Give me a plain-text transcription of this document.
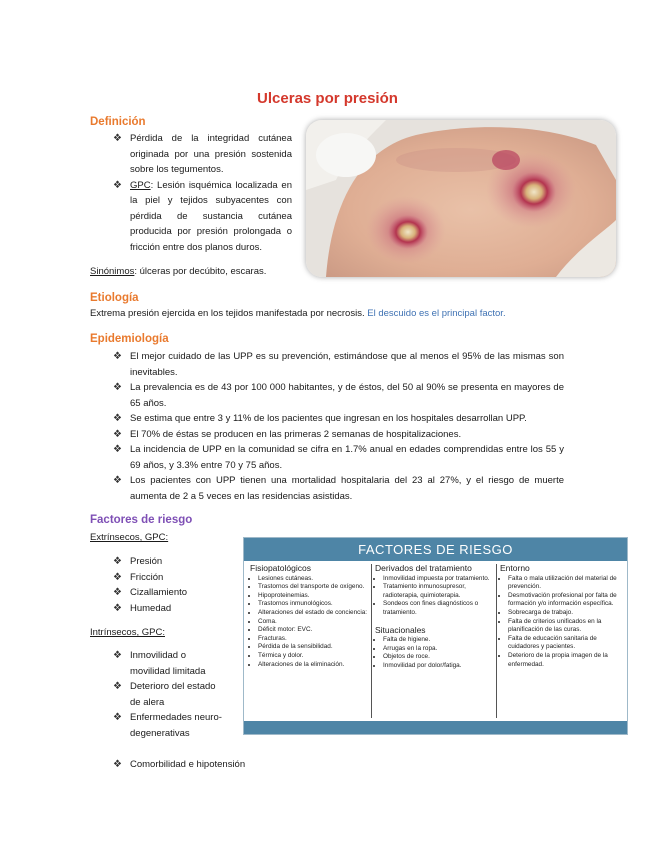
Ulceras por presión
Definición
❖ Pérdida de la integridad cutánea originada por una presión sostenida sobre los tegumentos.
❖ GPC: Lesión isquémica localizada en la piel y tejidos subyacentes con pérdida de sustancia cutánea producida por presión prolongada o fricción entre dos planos duros.
Sinónimos: úlceras por decúbito, escaras.
Etiología
Extrema presión ejercida en los tejidos manifestada por necrosis. El descuido es el principal factor.
Epidemiología
❖ El mejor cuidado de las UPP es su prevención, estimándose que al menos el 95% de las mismas son inevitables.
❖ La prevalencia es de 43 por 100 000 habitantes, y de éstos, del 50 al 90% se presenta en mayores de 65 años.
❖ Se estima que entre 3 y 11% de los pacientes que ingresan en los hospitales desarrollan UPP.
❖ El 70% de éstas se producen en las primeras 2 semanas de hospitalizaciones.
❖ La incidencia de UPP en la comunidad se cifra en 1.7% anual en edades comprendidas entre los 55 y 69 años, y 3.3% entre 70 y 75 años.
❖ Los pacientes con UPP tienen una mortalidad hospitalaria del 23 al 27%, y el riesgo de muerte aumenta de 2 a 5 veces en las residencias asistidas.
Factores de riesgo
Extrínsecos, GPC:
❖ Presión
❖ Fricción
❖ Cizallamiento
❖ Humedad
Intrínsecos, GPC:
❖ Inmovilidad o movilidad limitada
❖ Deterioro del estado de alera
❖ Enfermedades neuro-degenerativas
❖ Comorbilidad e hipotensión
FACTORES DE RIESGO
Fisiopatológicos
• Lesiones cutáneas.
• Trastornos del transporte de oxígeno.
• Hipoproteinemias.
• Trastornos inmunológicos.
• Alteraciones del estado de conciencia:
• Coma.
• Déficit motor: EVC.
• Fracturas.
• Pérdida de la sensibilidad.
• Térmica y dolor.
• Alteraciones de la eliminación.
Derivados del tratamiento
• Inmovilidad impuesta por tratamiento.
• Tratamiento inmunosupresor, radioterapia, quimioterapia.
• Sondeos con fines diagnósticos o tratamiento.
Situacionales
• Falta de higiene.
• Arrugas en la ropa.
• Objetos de roce.
• Inmovilidad por dolor/fatiga.
Entorno
• Falta o mala utilización del material de prevención.
• Desmotivación profesional por falta de formación y/o información específica.
• Sobrecarga de trabajo.
• Falta de criterios unificados en la planificación de las curas.
• Falta de educación sanitaria de cuidadores y pacientes.
• Deterioro de la propia imagen de la enfermedad.
